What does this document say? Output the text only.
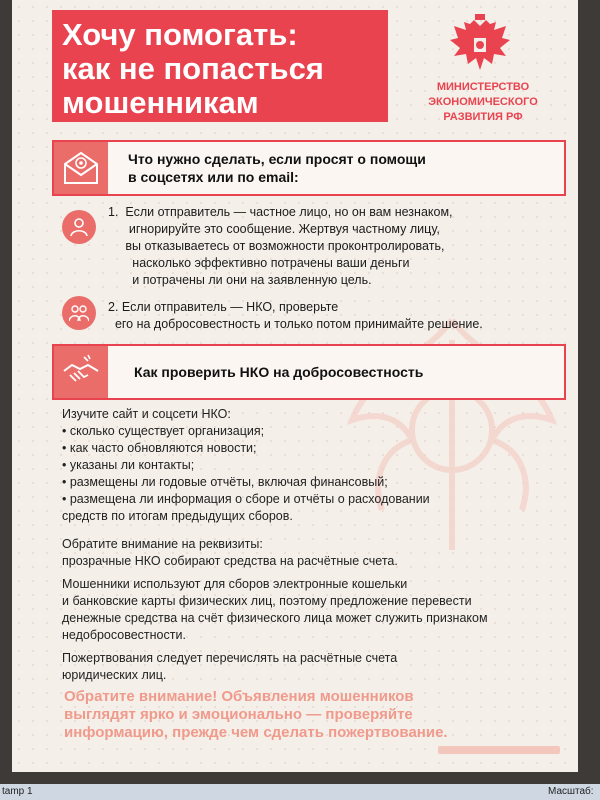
Хочу помогать:
как не попасться
мошенникам	МИНИСТЕРСТВО
ЭКОНОМИЧЕСКОГО
РАЗВИТИЯ РФ
Что нужно сделать, если просят о помощи
в соцсетях или по email:
1.  Если отправитель — частное лицо, но он вам незнаком,
игнорируйте это сообщение. Жертвуя частному лицу,
вы отказываетесь от возможности проконтролировать,
насколько эффективно потрачены ваши деньги
и потрачены ли они на заявленную цель.
2. Если отправитель — НКО, проверьте
его на добросовестность и только потом принимайте решение.
Как проверить НКО на добросовестность
Изучите сайт и соцсети НКО:
• сколько существует организация;
• как часто обновляются новости;
• указаны ли контакты;
• размещены ли годовые отчёты, включая финансовый;
• размещена ли информация о сборе и отчёты о расходовании
средств по итогам предыдущих сборов.
Обратите внимание на реквизиты:
прозрачные НКО собирают средства на расчётные счета.
Мошенники используют для сборов электронные кошельки
и банковские карты физических лиц, поэтому предложение перевести
денежные средства на счёт физического лица может служить признаком
недобросовестности.
Пожертвования следует перечислять на расчётные счета
юридических лиц.
Обратите внимание! Объявления мошенников
выглядят ярко и эмоционально — проверяйте
информацию, прежде чем сделать пожертвование.
tamp 1	Масштаб:
